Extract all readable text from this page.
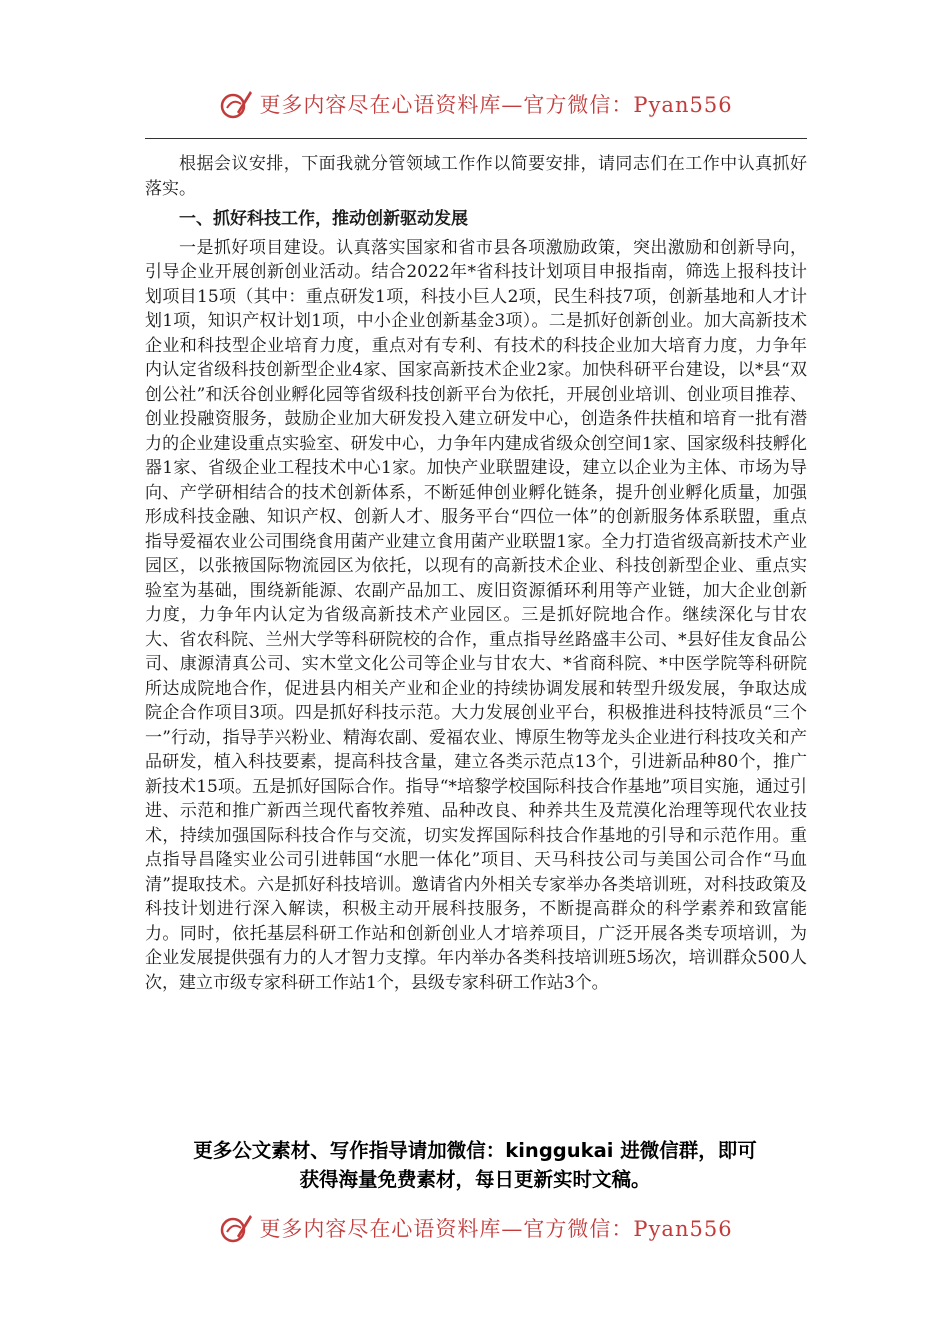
更多内容尽在心语资料库—官方微信：Pyan556

根据会议安排，下面我就分管领域工作作以简要安排，请同志们在工作中认真抓好落实。

一、抓好科技工作，推动创新驱动发展

一是抓好项目建设。认真落实国家和省市县各项激励政策，突出激励和创新导向，引导企业开展创新创业活动。结合2022年*省科技计划项目申报指南，筛选上报科技计划项目15项（其中：重点研发1项，科技小巨人2项，民生科技7项，创新基地和人才计划1项，知识产权计划1项，中小企业创新基金3项）。二是抓好创新创业。加大高新技术企业和科技型企业培育力度，重点对有专利、有技术的科技企业加大培育力度，力争年内认定省级科技创新型企业4家、国家高新技术企业2家。加快科研平台建设，以*县“双创公社”和沃谷创业孵化园等省级科技创新平台为依托，开展创业培训、创业项目推荐、创业投融资服务，鼓励企业加大研发投入建立研发中心，创造条件扶植和培育一批有潜力的企业建设重点实验室、研发中心，力争年内建成省级众创空间1家、国家级科技孵化器1家、省级企业工程技术中心1家。加快产业联盟建设，建立以企业为主体、市场为导向、产学研相结合的技术创新体系，不断延伸创业孵化链条，提升创业孵化质量，加强形成科技金融、知识产权、创新人才、服务平台“四位一体”的创新服务体系联盟，重点指导爱福农业公司围绕食用菌产业建立食用菌产业联盟1家。全力打造省级高新技术产业园区，以张掖国际物流园区为依托，以现有的高新技术企业、科技创新型企业、重点实验室为基础，围绕新能源、农副产品加工、废旧资源循环利用等产业链，加大企业创新力度，力争年内认定为省级高新技术产业园区。三是抓好院地合作。继续深化与甘农大、省农科院、兰州大学等科研院校的合作，重点指导丝路盛丰公司、*县好佳友食品公司、康源清真公司、实木堂文化公司等企业与甘农大、*省商科院、*中医学院等科研院所达成院地合作，促进县内相关产业和企业的持续协调发展和转型升级发展，争取达成院企合作项目3项。四是抓好科技示范。大力发展创业平台，积极推进科技特派员“三个一”行动，指导芋兴粉业、精海农副、爱福农业、博原生物等龙头企业进行科技攻关和产品研发，植入科技要素，提高科技含量，建立各类示范点13个，引进新品种80个，推广新技术15项。五是抓好国际合作。指导“*培黎学校国际科技合作基地”项目实施，通过引进、示范和推广新西兰现代畜牧养殖、品种改良、种养共生及荒漠化治理等现代农业技术，持续加强国际科技合作与交流，切实发挥国际科技合作基地的引导和示范作用。重点指导昌隆实业公司引进韩国“水肥一体化”项目、天马科技公司与美国公司合作“马血清”提取技术。六是抓好科技培训。邀请省内外相关专家举办各类培训班，对科技政策及科技计划进行深入解读，积极主动开展科技服务，不断提高群众的科学素养和致富能力。同时，依托基层科研工作站和创新创业人才培养项目，广泛开展各类专项培训，为企业发展提供强有力的人才智力支撑。年内举办各类科技培训班5场次，培训群众500人次，建立市级专家科研工作站1个，县级专家科研工作站3个。

更多公文素材、写作指导请加微信：kinggukai 进微信群，即可
获得海量免费素材，每日更新实时文稿。
更多内容尽在心语资料库—官方微信：Pyan556
